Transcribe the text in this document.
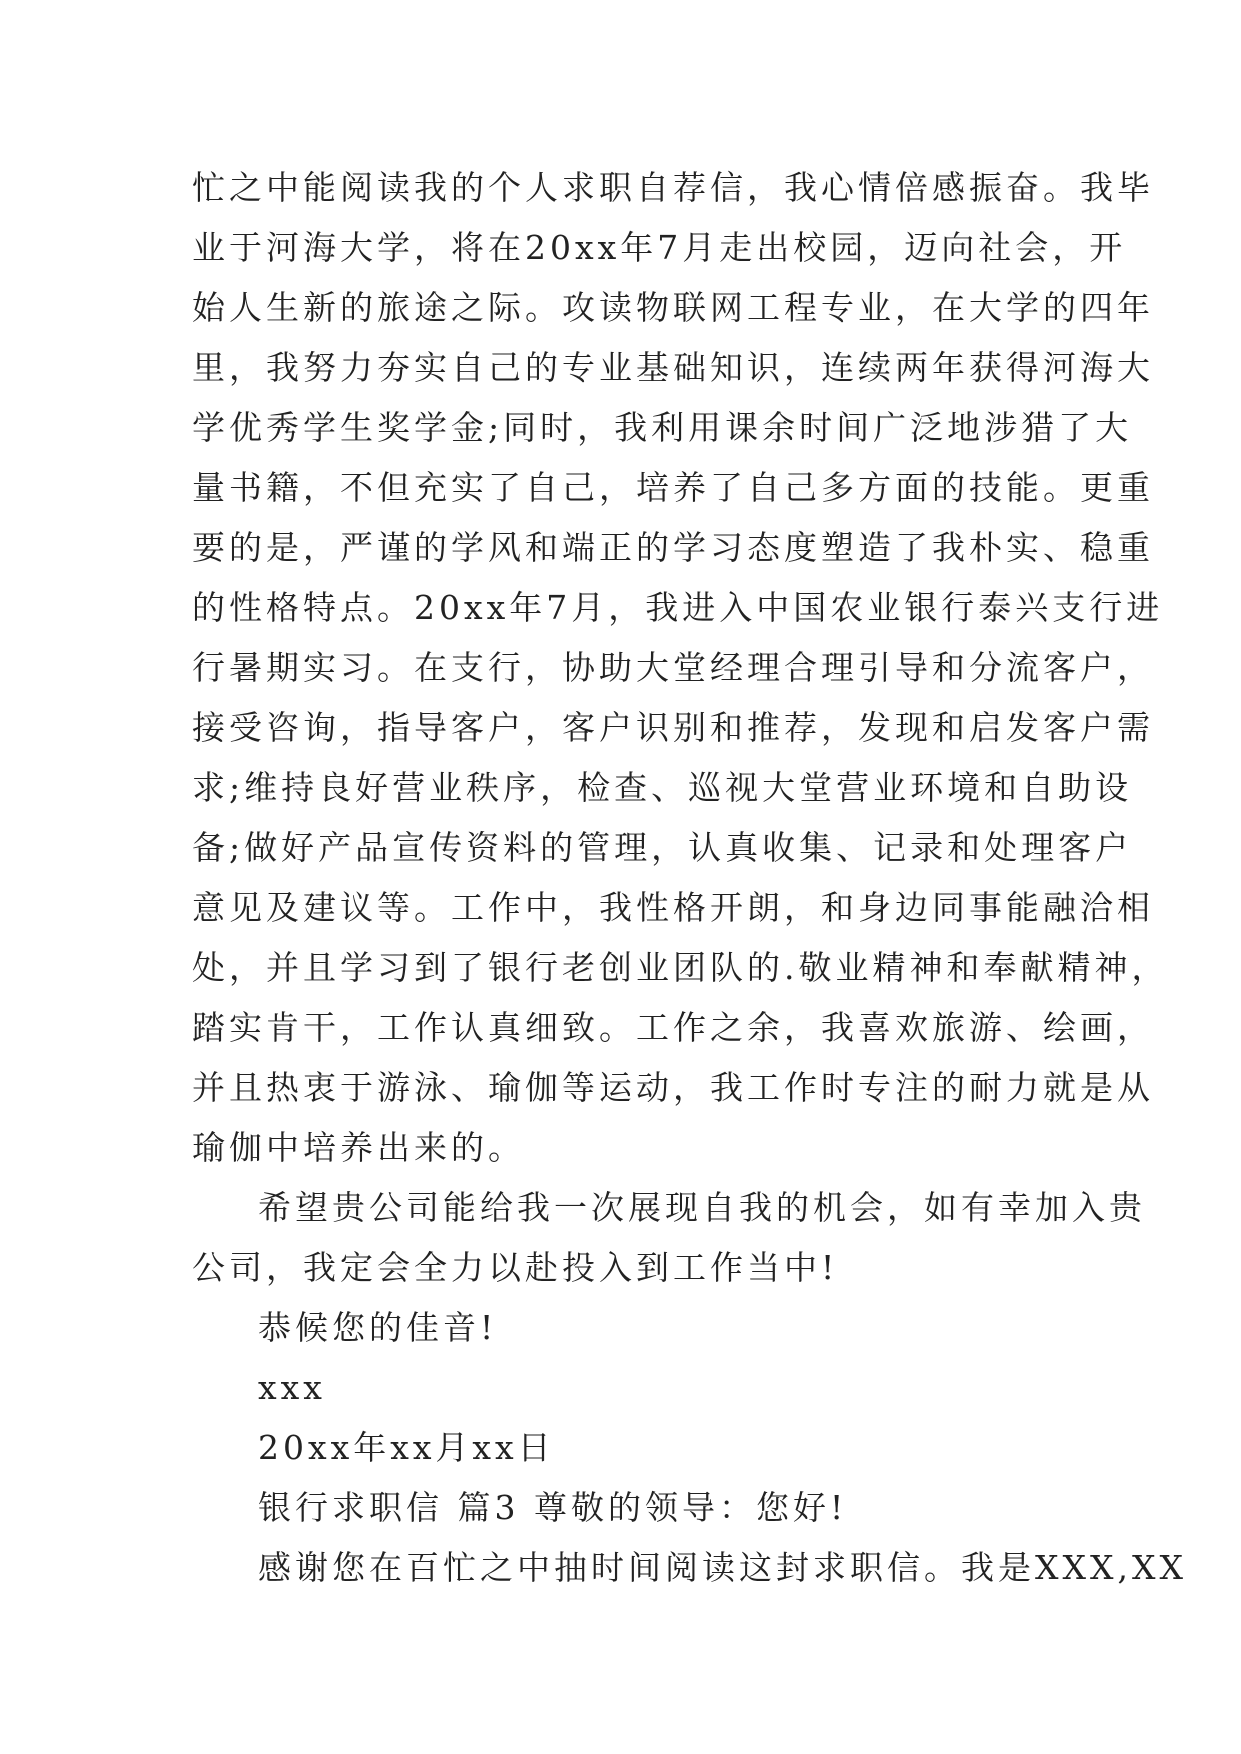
忙之中能阅读我的个人求职自荐信，我心情倍感振奋。我毕
业于河海大学，将在20xx年7月走出校园，迈向社会，开
始人生新的旅途之际。攻读物联网工程专业，在大学的四年
里，我努力夯实自己的专业基础知识，连续两年获得河海大
学优秀学生奖学金;同时，我利用课余时间广泛地涉猎了大
量书籍，不但充实了自己，培养了自己多方面的技能。更重
要的是，严谨的学风和端正的学习态度塑造了我朴实、稳重
的性格特点。20xx年7月，我进入中国农业银行泰兴支行进
行暑期实习。在支行，协助大堂经理合理引导和分流客户，
接受咨询，指导客户，客户识别和推荐，发现和启发客户需
求;维持良好营业秩序，检查、巡视大堂营业环境和自助设
备;做好产品宣传资料的管理，认真收集、记录和处理客户
意见及建议等。工作中，我性格开朗，和身边同事能融洽相
处，并且学习到了银行老创业团队的.敬业精神和奉献精神，
踏实肯干，工作认真细致。工作之余，我喜欢旅游、绘画，
并且热衷于游泳、瑜伽等运动，我工作时专注的耐力就是从
瑜伽中培养出来的。
希望贵公司能给我一次展现自我的机会，如有幸加入贵
公司，我定会全力以赴投入到工作当中!
恭候您的佳音!
xxx
20xx年xx月xx日
银行求职信 篇3 尊敬的领导：您好!
感谢您在百忙之中抽时间阅读这封求职信。我是XXX,XX
